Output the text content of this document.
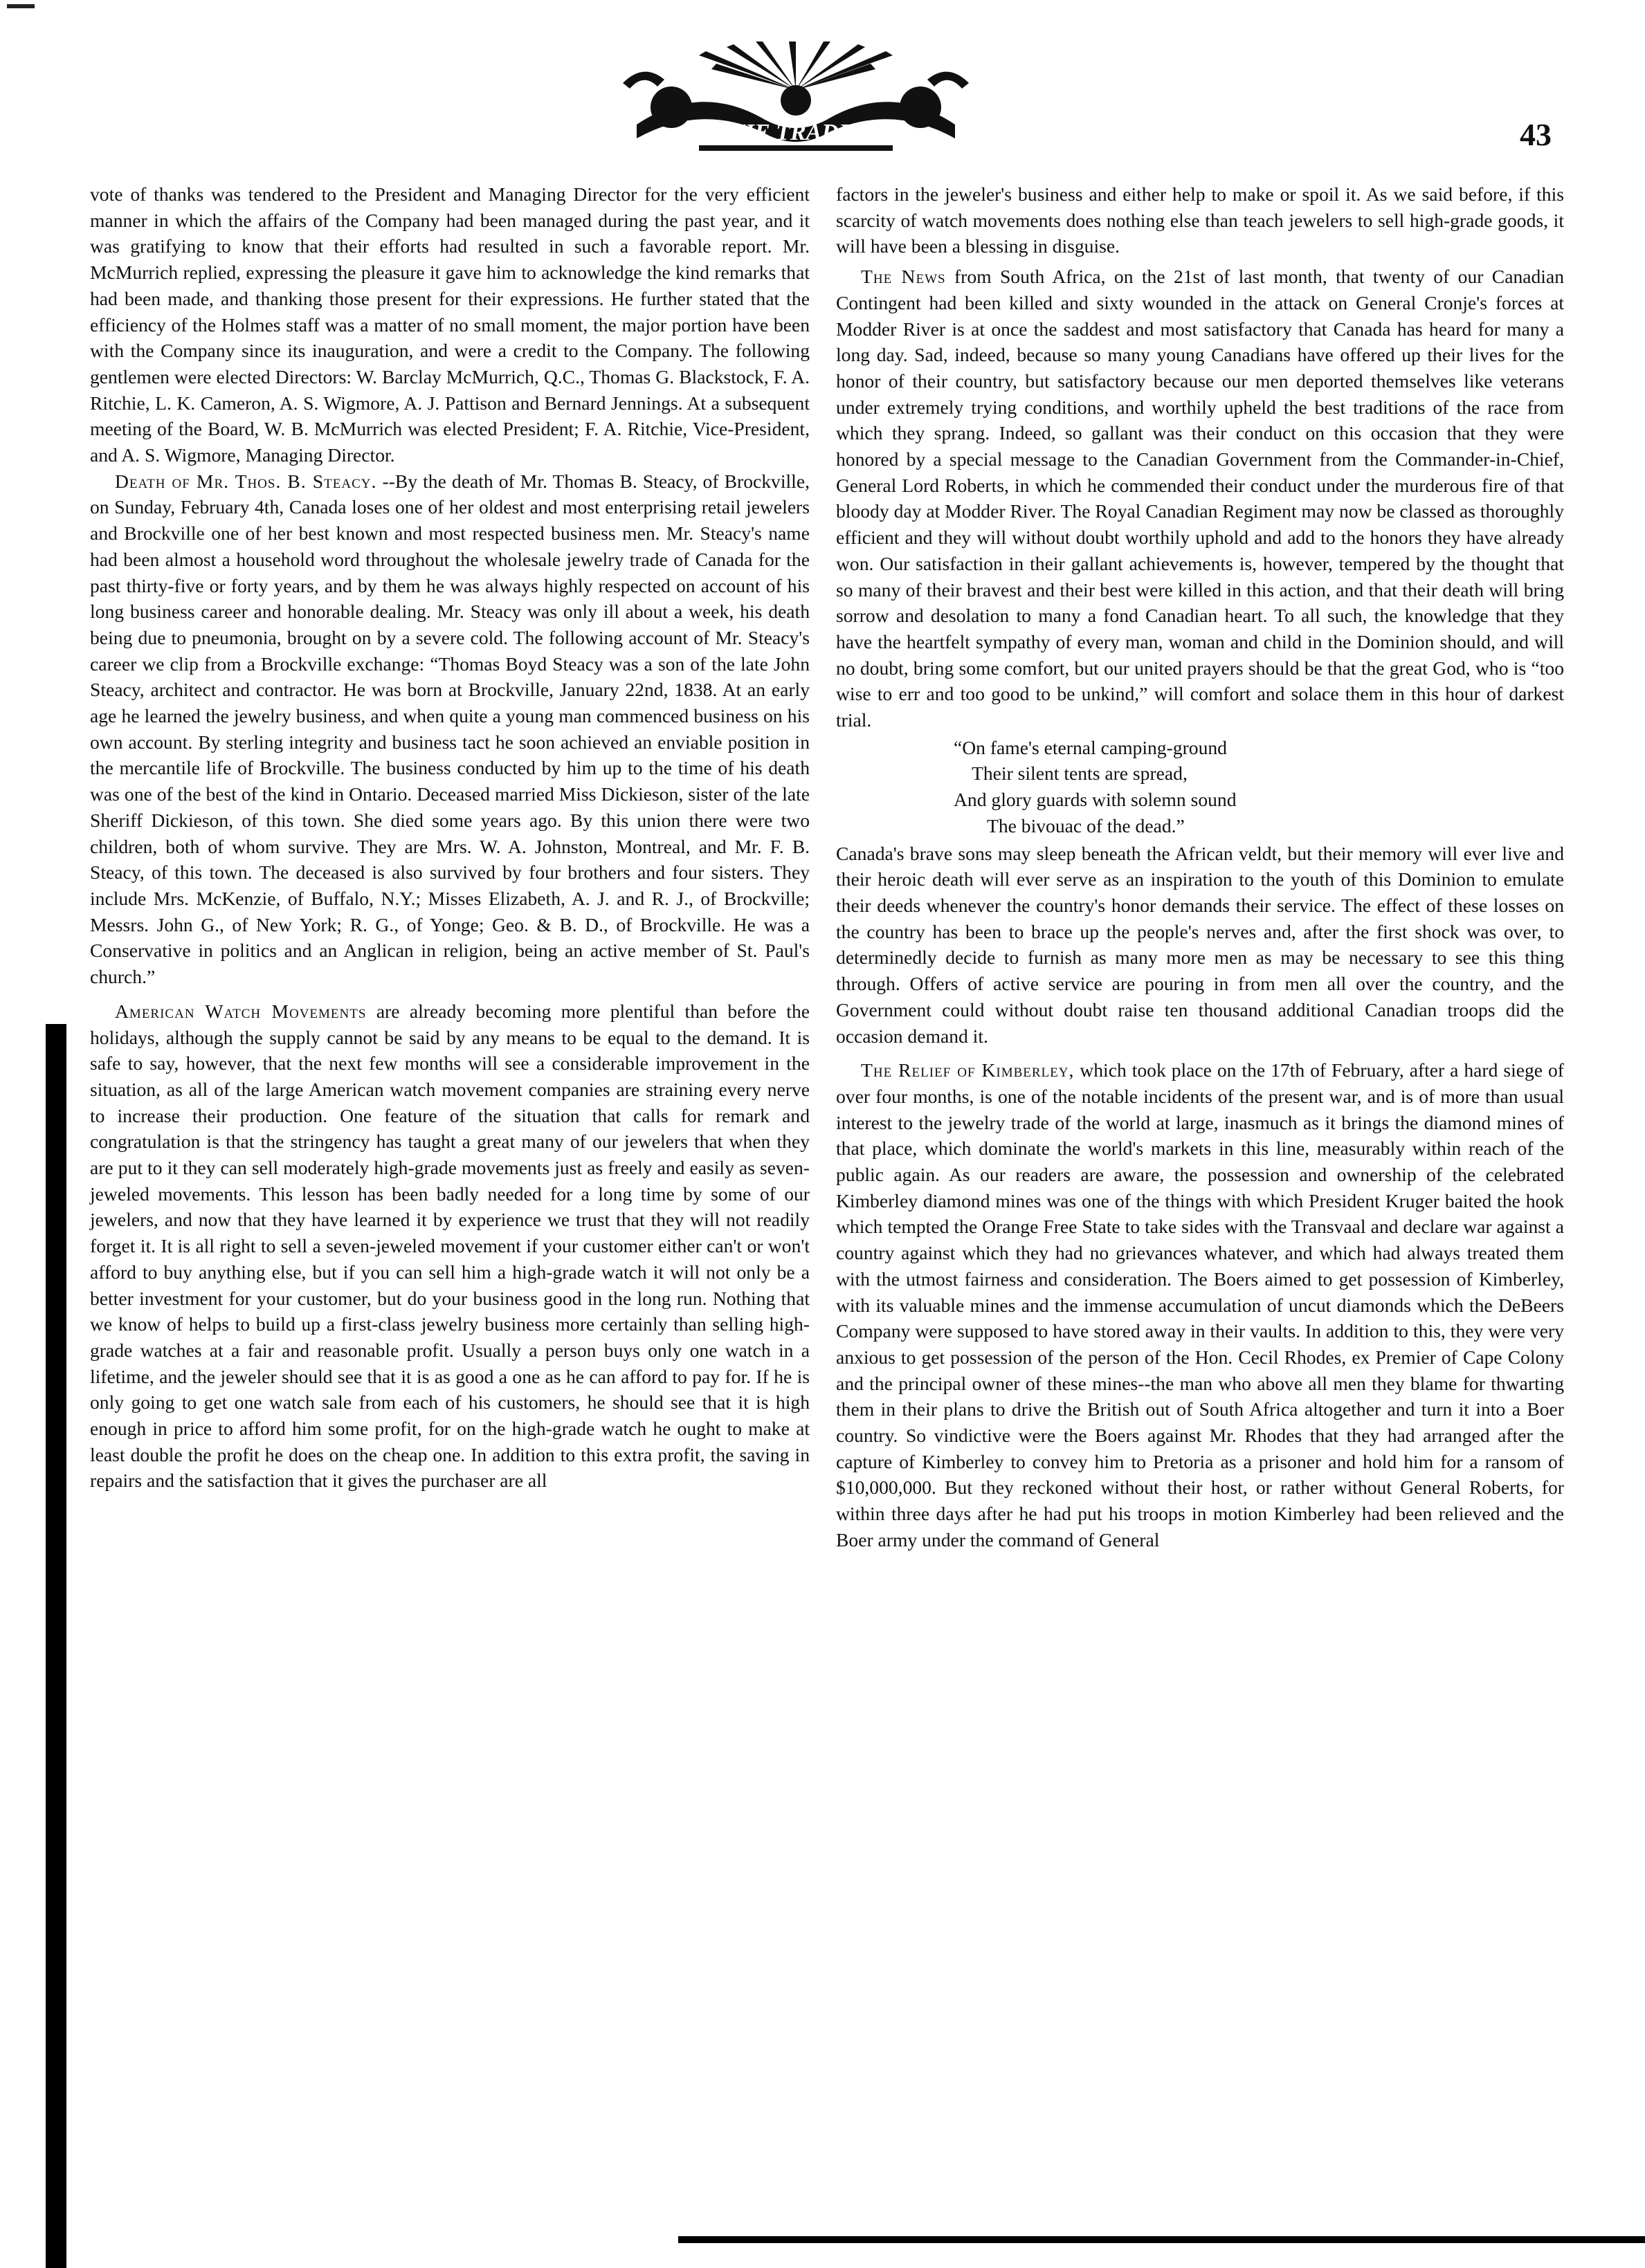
THE TRADER	43

vote of thanks was tendered to the President and Managing Director for the very efficient manner in which the affairs of the Company had been managed during the past year, and it was gratifying to know that their efforts had resulted in such a favorable report. Mr. McMurrich replied, expressing the pleasure it gave him to acknowledge the kind remarks that had been made, and thanking those present for their expressions. He further stated that the efficiency of the Holmes staff was a matter of no small moment, the major portion have been with the Company since its inauguration, and were a credit to the Company. The following gentlemen were elected Directors: W. Barclay McMurrich, Q.C., Thomas G. Blackstock, F. A. Ritchie, L. K. Cameron, A. S. Wigmore, A. J. Pattison and Bernard Jennings. At a subsequent meeting of the Board, W. B. McMurrich was elected President; F. A. Ritchie, Vice-President, and A. S. Wigmore, Managing Director.

Death of Mr. Thos. B. Steacy. --By the death of Mr. Thomas B. Steacy, of Brockville, on Sunday, February 4th, Canada loses one of her oldest and most enterprising retail jewelers and Brockville one of her best known and most respected business men. Mr. Steacy's name had been almost a household word throughout the wholesale jewelry trade of Canada for the past thirty-five or forty years, and by them he was always highly respected on account of his long business career and honorable dealing. Mr. Steacy was only ill about a week, his death being due to pneumonia, brought on by a severe cold. The following account of Mr. Steacy's career we clip from a Brockville exchange: “Thomas Boyd Steacy was a son of the late John Steacy, architect and contractor. He was born at Brockville, January 22nd, 1838. At an early age he learned the jewelry business, and when quite a young man commenced business on his own account. By sterling integrity and business tact he soon achieved an enviable position in the mercantile life of Brockville. The business conducted by him up to the time of his death was one of the best of the kind in Ontario. Deceased married Miss Dickieson, sister of the late Sheriff Dickieson, of this town. She died some years ago. By this union there were two children, both of whom survive. They are Mrs. W. A. Johnston, Montreal, and Mr. F. B. Steacy, of this town. The deceased is also survived by four brothers and four sisters. They include Mrs. McKenzie, of Buffalo, N.Y.; Misses Elizabeth, A. J. and R. J., of Brockville; Messrs. John G., of New York; R. G., of Yonge; Geo. & B. D., of Brockville. He was a Conservative in politics and an Anglican in religion, being an active member of St. Paul's church.”

American Watch Movements are already becoming more plentiful than before the holidays, although the supply cannot be said by any means to be equal to the demand. It is safe to say, however, that the next few months will see a considerable improvement in the situation, as all of the large American watch movement companies are straining every nerve to increase their production. One feature of the situation that calls for remark and congratulation is that the stringency has taught a great many of our jewelers that when they are put to it they can sell moderately high-grade movements just as freely and easily as seven-jeweled movements. This lesson has been badly needed for a long time by some of our jewelers, and now that they have learned it by experience we trust that they will not readily forget it. It is all right to sell a seven-jeweled movement if your customer either can't or won't afford to buy anything else, but if you can sell him a high-grade watch it will not only be a better investment for your customer, but do your business good in the long run. Nothing that we know of helps to build up a first-class jewelry business more certainly than selling high-grade watches at a fair and reasonable profit. Usually a person buys only one watch in a lifetime, and the jeweler should see that it is as good a one as he can afford to pay for. If he is only going to get one watch sale from each of his customers, he should see that it is high enough in price to afford him some profit, for on the high-grade watch he ought to make at least double the profit he does on the cheap one. In addition to this extra profit, the saving in repairs and the satisfaction that it gives the purchaser are all

factors in the jeweler's business and either help to make or spoil it. As we said before, if this scarcity of watch movements does nothing else than teach jewelers to sell high-grade goods, it will have been a blessing in disguise.

The News from South Africa, on the 21st of last month, that twenty of our Canadian Contingent had been killed and sixty wounded in the attack on General Cronje's forces at Modder River is at once the saddest and most satisfactory that Canada has heard for many a long day. Sad, indeed, because so many young Canadians have offered up their lives for the honor of their country, but satisfactory because our men deported themselves like veterans under extremely trying conditions, and worthily upheld the best traditions of the race from which they sprang. Indeed, so gallant was their conduct on this occasion that they were honored by a special message to the Canadian Government from the Commander-in-Chief, General Lord Roberts, in which he commended their conduct under the murderous fire of that bloody day at Modder River. The Royal Canadian Regiment may now be classed as thoroughly efficient and they will without doubt worthily uphold and add to the honors they have already won. Our satisfaction in their gallant achievements is, however, tempered by the thought that so many of their bravest and their best were killed in this action, and that their death will bring sorrow and desolation to many a fond Canadian heart. To all such, the knowledge that they have the heartfelt sympathy of every man, woman and child in the Dominion should, and will no doubt, bring some comfort, but our united prayers should be that the great God, who is “too wise to err and too good to be unkind,” will comfort and solace them in this hour of darkest trial.

“On fame's eternal camping-ground
Their silent tents are spread,
And glory guards with solemn sound
The bivouac of the dead.”

Canada's brave sons may sleep beneath the African veldt, but their memory will ever live and their heroic death will ever serve as an inspiration to the youth of this Dominion to emulate their deeds whenever the country's honor demands their service. The effect of these losses on the country has been to brace up the people's nerves and, after the first shock was over, to determinedly decide to furnish as many more men as may be necessary to see this thing through. Offers of active service are pouring in from men all over the country, and the Government could without doubt raise ten thousand additional Canadian troops did the occasion demand it.

The Relief of Kimberley, which took place on the 17th of February, after a hard siege of over four months, is one of the notable incidents of the present war, and is of more than usual interest to the jewelry trade of the world at large, inasmuch as it brings the diamond mines of that place, which dominate the world's markets in this line, measurably within reach of the public again. As our readers are aware, the possession and ownership of the celebrated Kimberley diamond mines was one of the things with which President Kruger baited the hook which tempted the Orange Free State to take sides with the Transvaal and declare war against a country against which they had no grievances whatever, and which had always treated them with the utmost fairness and consideration. The Boers aimed to get possession of Kimberley, with its valuable mines and the immense accumulation of uncut diamonds which the DeBeers Company were supposed to have stored away in their vaults. In addition to this, they were very anxious to get possession of the person of the Hon. Cecil Rhodes, ex Premier of Cape Colony and the principal owner of these mines--the man who above all men they blame for thwarting them in their plans to drive the British out of South Africa altogether and turn it into a Boer country. So vindictive were the Boers against Mr. Rhodes that they had arranged after the capture of Kimberley to convey him to Pretoria as a prisoner and hold him for a ransom of $10,000,000. But they reckoned without their host, or rather without General Roberts, for within three days after he had put his troops in motion Kimberley had been relieved and the Boer army under the command of General
